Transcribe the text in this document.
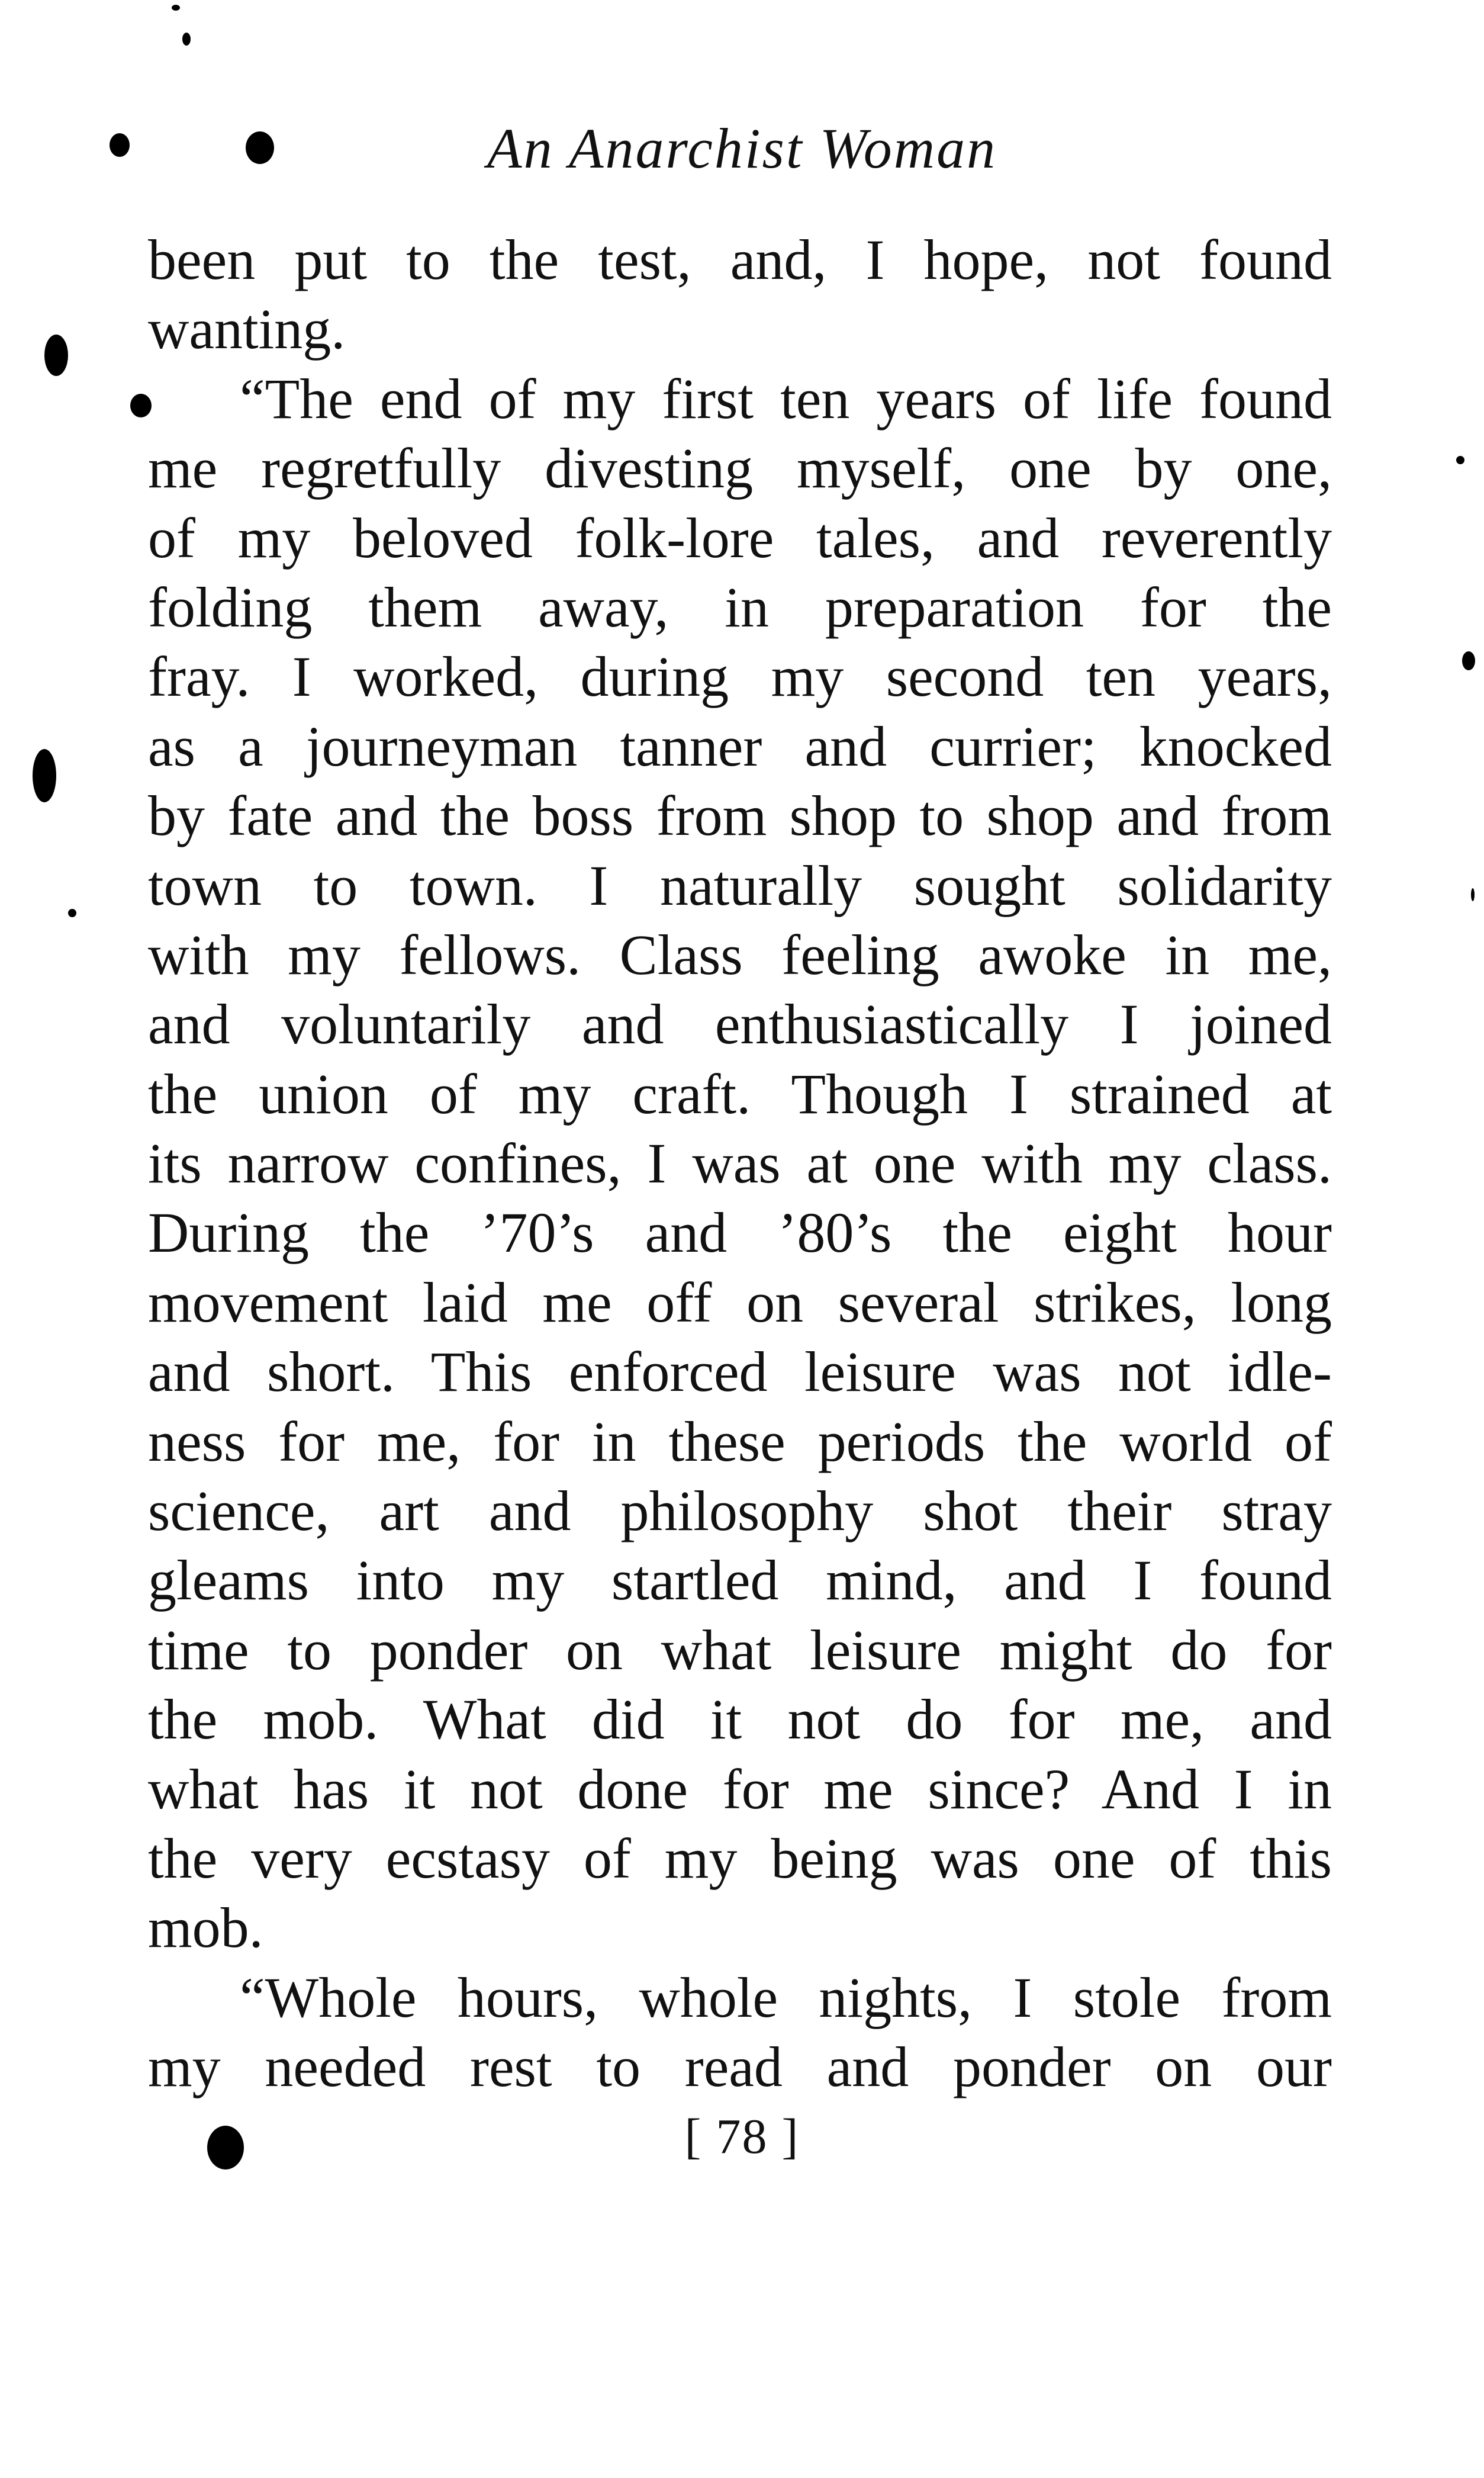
An Anarchist Woman
been put to the test, and, I hope, not found
wanting.
“The end of my first ten years of life found
me regretfully divesting myself, one by one,
of my beloved folk-lore tales, and reverently
folding them away, in preparation for the
fray. I worked, during my second ten years,
as a journeyman tanner and currier; knocked
by fate and the boss from shop to shop and from
town to town. I naturally sought solidarity
with my fellows. Class feeling awoke in me,
and voluntarily and enthusiastically I joined
the union of my craft. Though I strained at
its narrow confines, I was at one with my class.
During the ’70’s and ’80’s the eight hour
movement laid me off on several strikes, long
and short. This enforced leisure was not idle-
ness for me, for in these periods the world of
science, art and philosophy shot their stray
gleams into my startled mind, and I found
time to ponder on what leisure might do for
the mob. What did it not do for me, and
what has it not done for me since? And I in
the very ecstasy of my being was one of this
mob.
“Whole hours, whole nights, I stole from
my needed rest to read and ponder on our
[ 78 ]
